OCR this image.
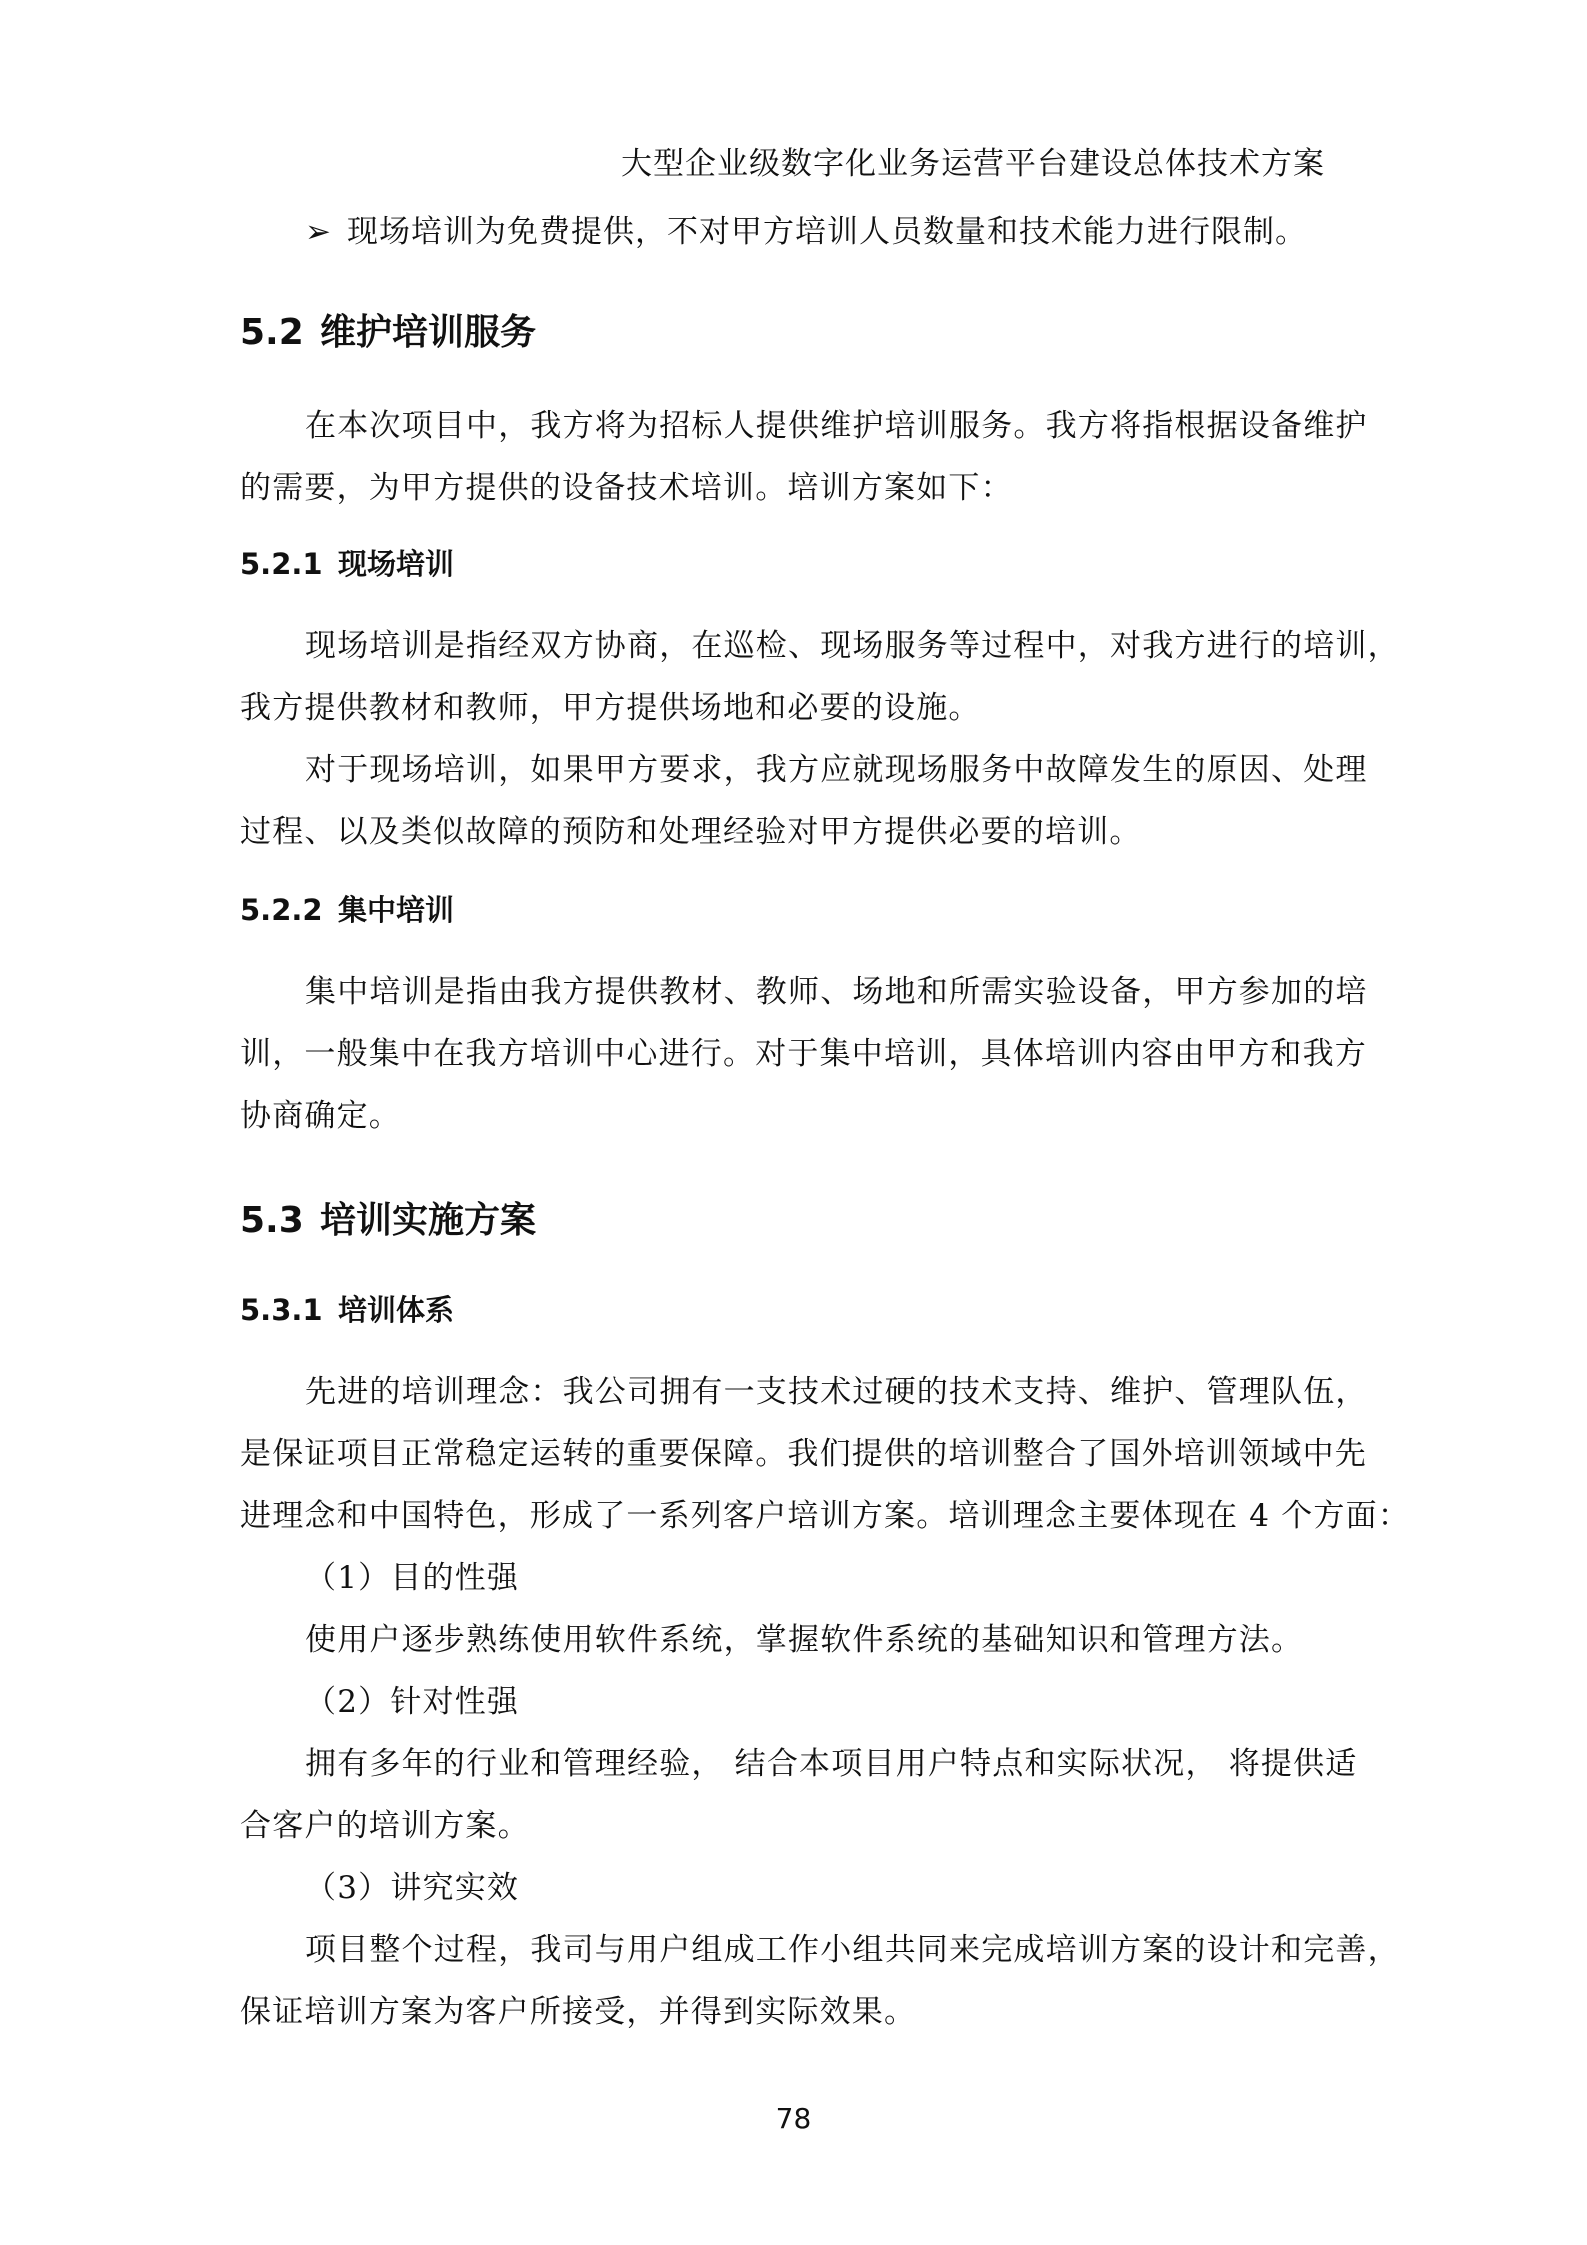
大型企业级数字化业务运营平台建设总体技术方案
➢ 现场培训为免费提供，不对甲方培训人员数量和技术能力进行限制。
5.2 维护培训服务
在本次项目中，我方将为招标人提供维护培训服务。我方将指根据设备维护
的需要，为甲方提供的设备技术培训。培训方案如下：
5.2.1 现场培训
现场培训是指经双方协商，在巡检、现场服务等过程中，对我方进行的培训，
我方提供教材和教师，甲方提供场地和必要的设施。
对于现场培训，如果甲方要求，我方应就现场服务中故障发生的原因、处理
过程、以及类似故障的预防和处理经验对甲方提供必要的培训。
5.2.2 集中培训
集中培训是指由我方提供教材、教师、场地和所需实验设备，甲方参加的培
训，一般集中在我方培训中心进行。对于集中培训，具体培训内容由甲方和我方
协商确定。
5.3 培训实施方案
5.3.1 培训体系
先进的培训理念：我公司拥有一支技术过硬的技术支持、维护、管理队伍，
是保证项目正常稳定运转的重要保障。我们提供的培训整合了国外培训领域中先
进理念和中国特色，形成了一系列客户培训方案。培训理念主要体现在 4 个方面：
（1）目的性强
使用户逐步熟练使用软件系统，掌握软件系统的基础知识和管理方法。
（2）针对性强
拥有多年的行业和管理经验， 结合本项目用户特点和实际状况， 将提供适
合客户的培训方案。
（3）讲究实效
项目整个过程，我司与用户组成工作小组共同来完成培训方案的设计和完善，
保证培训方案为客户所接受，并得到实际效果。
78
